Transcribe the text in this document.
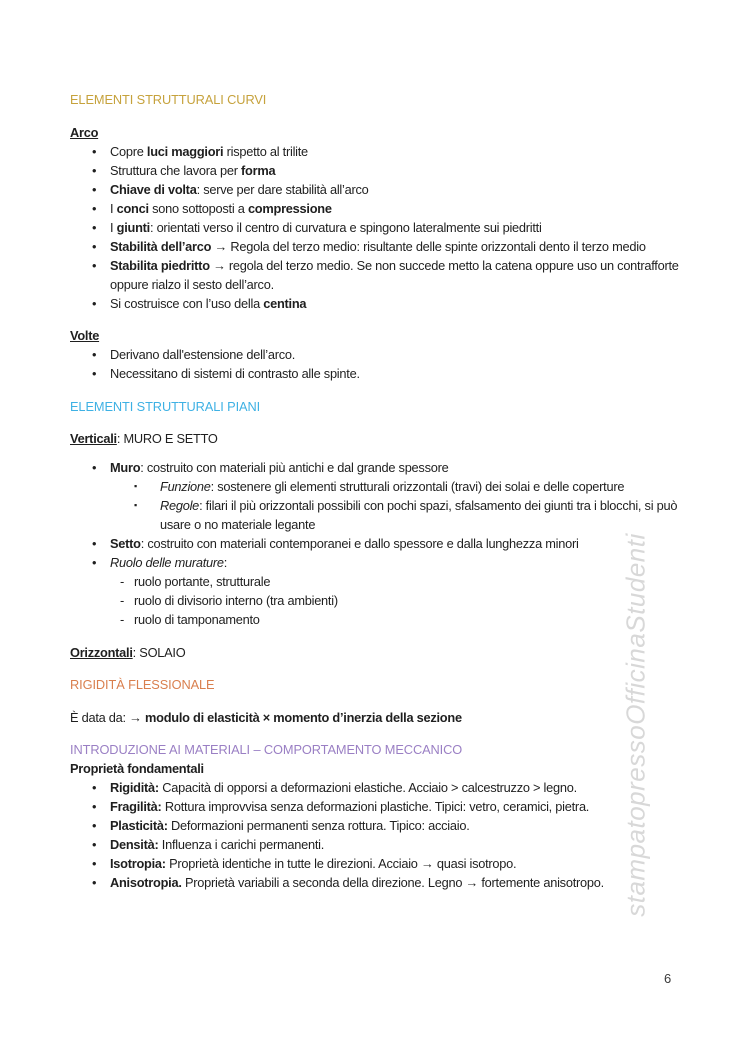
ELEMENTI STRUTTURALI CURVI
Arco
•	Copre luci maggiori rispetto al trilite
•	Struttura che lavora per forma
•	Chiave di volta: serve per dare stabilità all’arco
•	I conci sono sottoposti a compressione
•	I giunti: orientati verso il centro di curvatura e spingono lateralmente sui piedritti
•	Stabilità dell’arco → Regola del terzo medio: risultante delle spinte orizzontali dento il terzo medio
•	Stabilita piedritto → regola del terzo medio. Se non succede metto la catena oppure uso un contrafforte oppure rialzo il sesto dell’arco.
•	Si costruisce con l’uso della centina
Volte
•	Derivano dall'estensione dell’arco.
•	Necessitano di sistemi di contrasto alle spinte.
ELEMENTI STRUTTURALI PIANI
Verticali: MURO E SETTO
•	Muro: costruito con materiali più antichi e dal grande spessore
▪	Funzione: sostenere gli elementi strutturali orizzontali (travi) dei solai e delle coperture
▪	Regole: filari il più orizzontali possibili con pochi spazi, sfalsamento dei giunti tra i blocchi, si può usare o no materiale legante
•	Setto: costruito con materiali contemporanei e dallo spessore e dalla lunghezza minori
•	Ruolo delle murature:
- ruolo portante, strutturale
- ruolo di divisorio interno (tra ambienti)
- ruolo di tamponamento
Orizzontali: SOLAIO
RIGIDITÀ FLESSIONALE
È data da: → modulo di elasticità × momento d’inerzia della sezione
INTRODUZIONE AI MATERIALI – COMPORTAMENTO MECCANICO
Proprietà fondamentali
•	Rigidità: Capacità di opporsi a deformazioni elastiche. Acciaio > calcestruzzo > legno.
•	Fragilità: Rottura improvvisa senza deformazioni plastiche. Tipici: vetro, ceramici, pietra.
•	Plasticità: Deformazioni permanenti senza rottura. Tipico: acciaio.
•	Densità: Influenza i carichi permanenti.
•	Isotropia: Proprietà identiche in tutte le direzioni. Acciaio → quasi isotropo.
•	Anisotropia. Proprietà variabili a seconda della direzione. Legno → fortemente anisotropo. stampatopressoOfficinaStudenti
6
